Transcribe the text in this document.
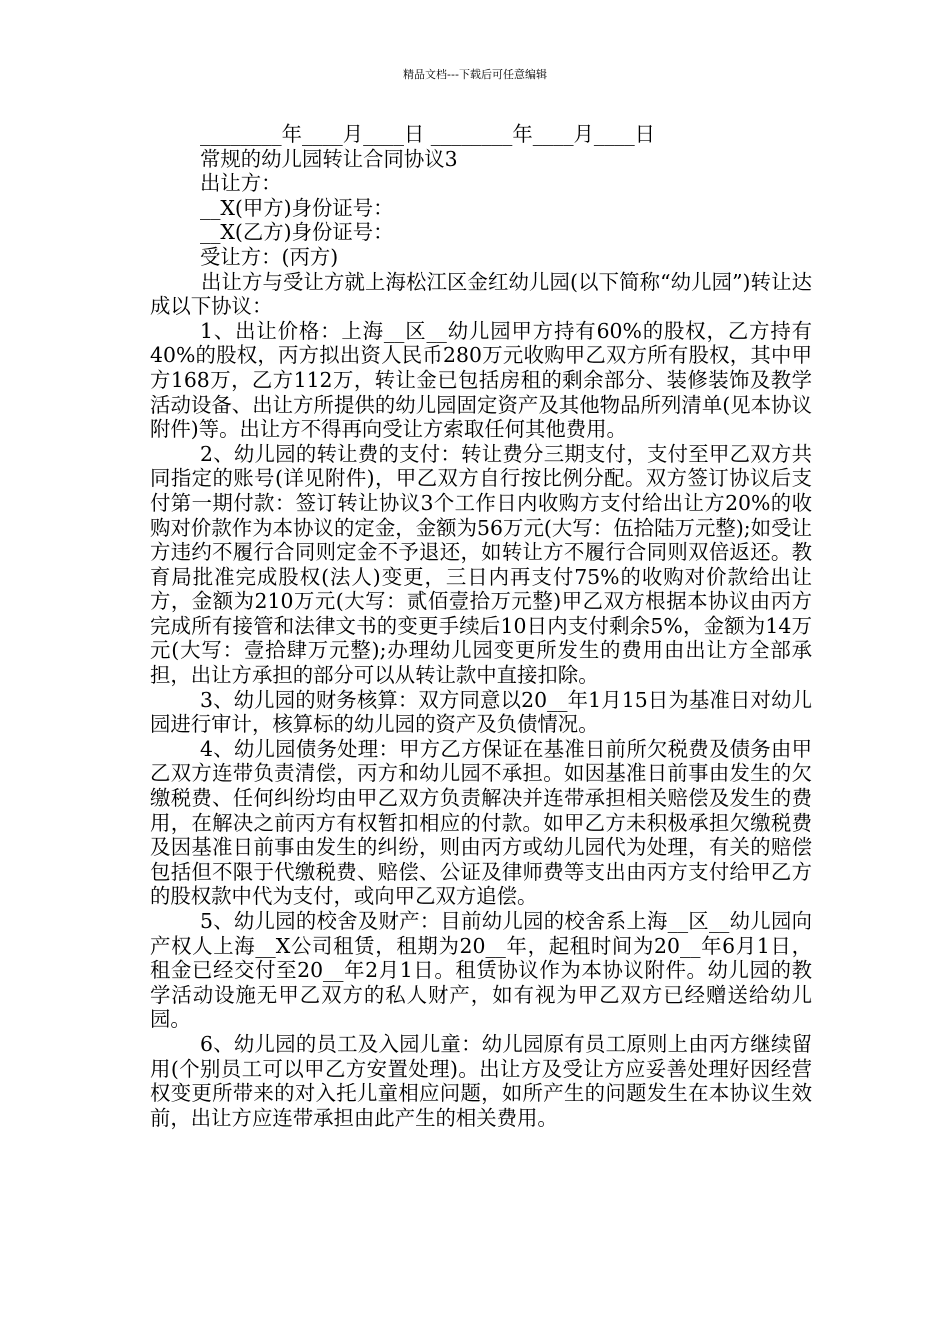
精品文档---下载后可任意编辑
________年____月____日 ________年____月____日
常规的幼儿园转让合同协议3
出让方：
__X(甲方)身份证号：
__X(乙方)身份证号：
受让方：(丙方)

出让方与受让方就上海松江区金红幼儿园(以下简称“幼儿园”)转让达成以下协议：

1、出让价格：上海__区__幼儿园甲方持有60%的股权，乙方持有40%的股权，丙方拟出资人民币280万元收购甲乙双方所有股权，其中甲方168万，乙方112万，转让金已包括房租的剩余部分、装修装饰及教学活动设备、出让方所提供的幼儿园固定资产及其他物品所列清单(见本协议附件)等。出让方不得再向受让方索取任何其他费用。

2、幼儿园的转让费的支付：转让费分三期支付，支付至甲乙双方共同指定的账号(详见附件)，甲乙双方自行按比例分配。双方签订协议后支付第一期付款：签订转让协议3个工作日内收购方支付给出让方20%的收购对价款作为本协议的定金，金额为56万元(大写：伍拾陆万元整);如受让方违约不履行合同则定金不予退还，如转让方不履行合同则双倍返还。教育局批准完成股权(法人)变更，三日内再支付75%的收购对价款给出让方，金额为210万元(大写：贰佰壹拾万元整)甲乙双方根据本协议由丙方完成所有接管和法律文书的变更手续后10日内支付剩余5%，金额为14万元(大写：壹拾肆万元整);办理幼儿园变更所发生的费用由出让方全部承担，出让方承担的部分可以从转让款中直接扣除。

3、幼儿园的财务核算：双方同意以20__年1月15日为基准日对幼儿园进行审计，核算标的幼儿园的资产及负债情况。

4、幼儿园债务处理：甲方乙方保证在基准日前所欠税费及债务由甲乙双方连带负责清偿，丙方和幼儿园不承担。如因基准日前事由发生的欠缴税费、任何纠纷均由甲乙双方负责解决并连带承担相关赔偿及发生的费用，在解决之前丙方有权暂扣相应的付款。如甲乙方未积极承担欠缴税费及因基准日前事由发生的纠纷，则由丙方或幼儿园代为处理，有关的赔偿包括但不限于代缴税费、赔偿、公证及律师费等支出由丙方支付给甲乙方的股权款中代为支付，或向甲乙双方追偿。

5、幼儿园的校舍及财产：目前幼儿园的校舍系上海__区__幼儿园向产权人上海__X公司租赁，租期为20__年，起租时间为20__年6月1日，租金已经交付至20__年2月1日。租赁协议作为本协议附件。幼儿园的教学活动设施无甲乙双方的私人财产，如有视为甲乙双方已经赠送给幼儿园。

6、幼儿园的员工及入园儿童：幼儿园原有员工原则上由丙方继续留用(个别员工可以甲乙方安置处理)。出让方及受让方应妥善处理好因经营权变更所带来的对入托儿童相应问题，如所产生的问题发生在本协议生效前，出让方应连带承担由此产生的相关费用。
